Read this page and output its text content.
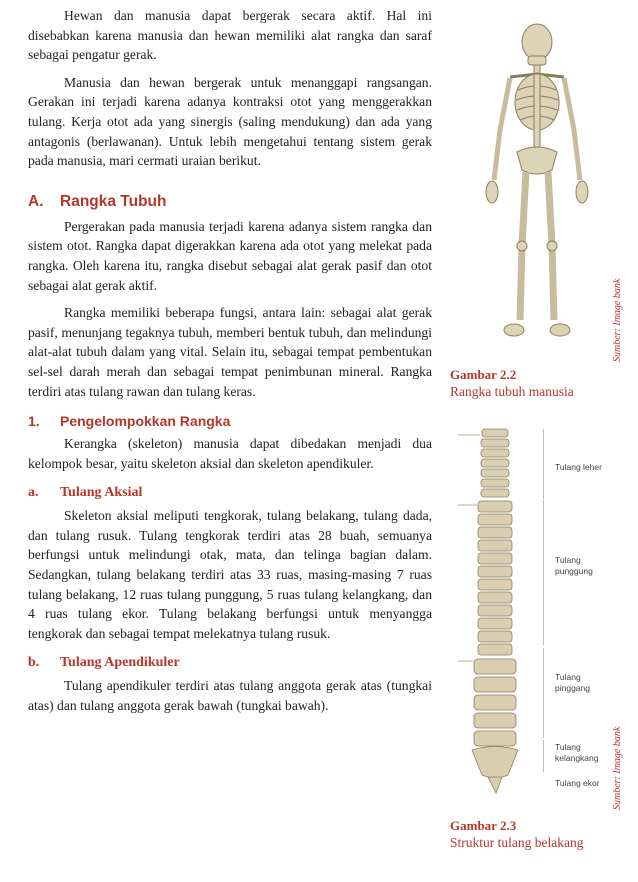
Hewan dan manusia dapat bergerak secara aktif. Hal ini disebabkan karena manusia dan hewan memiliki alat rangka dan saraf sebagai pengatur gerak.

Manusia dan hewan bergerak untuk menanggapi rangsangan. Gerakan ini terjadi karena adanya kontraksi otot yang menggerakkan tulang. Kerja otot ada yang sinergis (saling mendukung) dan ada yang antagonis (berlawanan). Untuk lebih mengetahui tentang sistem gerak pada manusia, mari cermati uraian berikut.

A. Rangka Tubuh

Pergerakan pada manusia terjadi karena adanya sistem rangka dan sistem otot. Rangka dapat digerakkan karena ada otot yang melekat pada rangka. Oleh karena itu, rangka disebut sebagai alat gerak pasif dan otot sebagai alat gerak aktif.

Rangka memiliki beberapa fungsi, antara lain: sebagai alat gerak pasif, menunjang tegaknya tubuh, memberi bentuk tubuh, dan melindungi alat-alat tubuh dalam yang vital. Selain itu, sebagai tempat pembentukan sel-sel darah merah dan sebagai tempat penimbunan mineral. Rangka terdiri atas tulang rawan dan tulang keras.

1. Pengelompokkan Rangka

Kerangka (skeleton) manusia dapat dibedakan menjadi dua kelompok besar, yaitu skeleton aksial dan skeleton apendikuler.

a. Tulang Aksial

Skeleton aksial meliputi tengkorak, tulang belakang, tulang dada, dan tulang rusuk. Tulang tengkorak terdiri atas 28 buah, semuanya berfungsi untuk melindungi otak, mata, dan telinga bagian dalam. Sedangkan, tulang belakang terdiri atas 33 ruas, masing-masing 7 ruas tulang belakang, 12 ruas tulang punggung, 5 ruas tulang kelangkang, dan 4 ruas tulang ekor. Tulang belakang berfungsi untuk menyangga tengkorak dan sebagai tempat melekatnya tulang rusuk.

b. Tulang Apendikuler

Tulang apendikuler terdiri atas tulang anggota gerak atas (tungkai atas) dan tulang anggota gerak bawah (tungkai bawah).

Sumber: Image bank

Gambar 2.2

Rangka tubuh manusia

Tulang leher
Tulang punggung
Tulang pinggang
Tulang kelangkang
Tulang ekor Sumber: Image bank

Gambar 2.3

Struktur tulang belakang
